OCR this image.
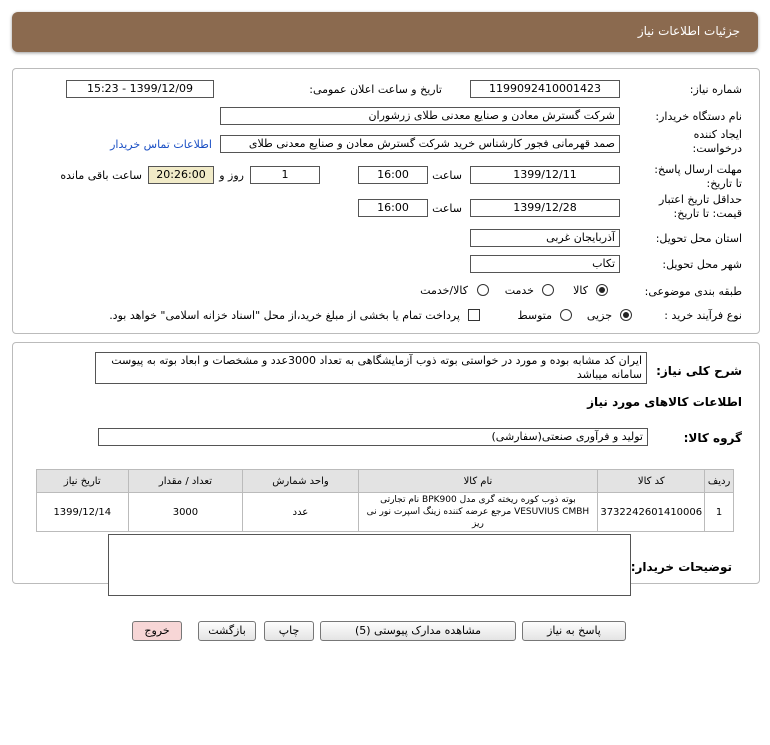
جزئیات اطلاعات نیاز
شماره نیاز:
1199092410001423
تاریخ و ساعت اعلان عمومی:
1399/12/09 - 15:23
نام دستگاه خریدار:
شرکت گسترش معادن و صنایع معدنی طلای زرشوران
ایجاد کننده
درخواست:
صمد قهرمانی فجور کارشناس خرید شرکت گسترش معادن و صنایع معدنی طلای
اطلاعات تماس خریدار
مهلت ارسال پاسخ:
تا تاریخ:
1399/12/11
ساعت
16:00
1
روز و
20:26:00
ساعت باقی مانده
حداقل تاریخ اعتبار
قیمت: تا تاریخ:
1399/12/28
ساعت
16:00
استان محل تحویل:
آذربایجان غربی
شهر محل تحویل:
تکاب
طبقه بندی موضوعی:
کالا
خدمت
کالا/خدمت
نوع فرآیند خرید :
جزیی
متوسط
پرداخت تمام یا بخشی از مبلغ خرید،از محل "اسناد خزانه اسلامی" خواهد بود.
شرح کلی نیاز:
ایران کد مشابه بوده و مورد در خواستی بوته ذوب آزمایشگاهی به تعداد 3000عدد و مشخصات و ابعاد بوته به پیوست سامانه میباشد
اطلاعات کالاهای مورد نیاز
گروه کالا:
تولید و فرآوری صنعتی(سفارشی)
ردیف	کد کالا	نام کالا	واحد شمارش	تعداد / مقدار	تاریخ نیاز
1	3732242601410006	بوته ذوب کوره ریخته گری مدل BPK900 نام تجارتی
VESUVIUS CMBH مرجع عرضه کننده زینگ اسپرت نور نی ریز	عدد	3000	1399/12/14
توضیحات خریدار:
پاسخ به نیاز
مشاهده مدارک پیوستی (5)
چاپ
بازگشت
خروج
